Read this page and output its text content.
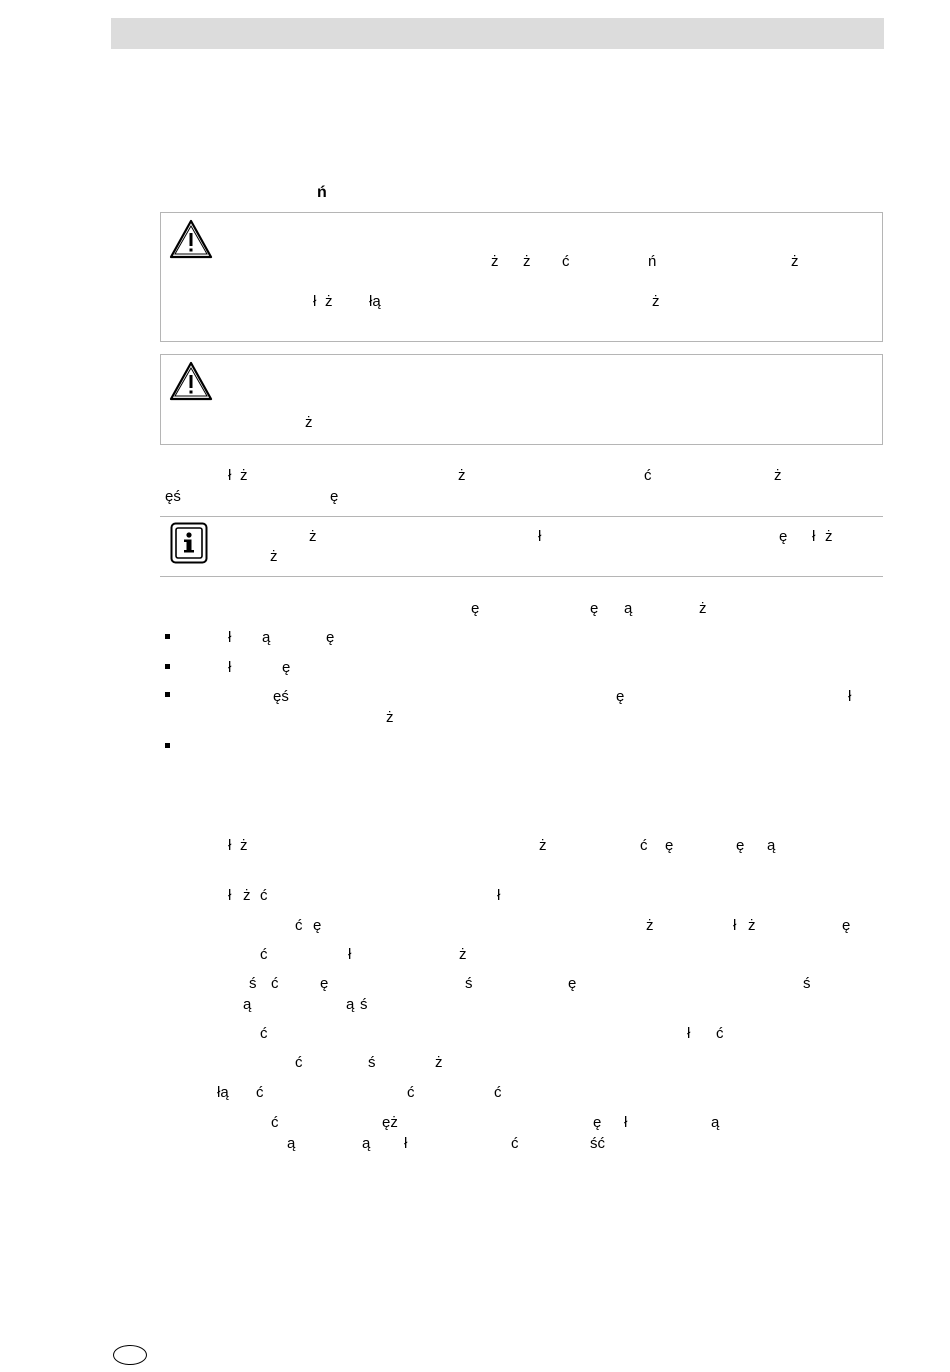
ń
ż ż ć	ń	ż
ł ż łą	ż
ż
ł ż	ż	ć	ż
ęś	ę
ż	ł	ę ł ż
ż
ę	ę ą	ż
ł ą	ę
ł	ę
ęś	ę	ł
ż
ł ż	ż	ć ę	ę ą
ł ż ć	ł
ć ę	ż	ł ż	ę
ć	ł	ż
ś ć	ę	ś	ę	ś
ą	ą ś
ć	ł ć
ć	ś	ż
łą ć	ć	ć
ć	ęż	ę ł	ą
ą	ą ł	ć	ść
